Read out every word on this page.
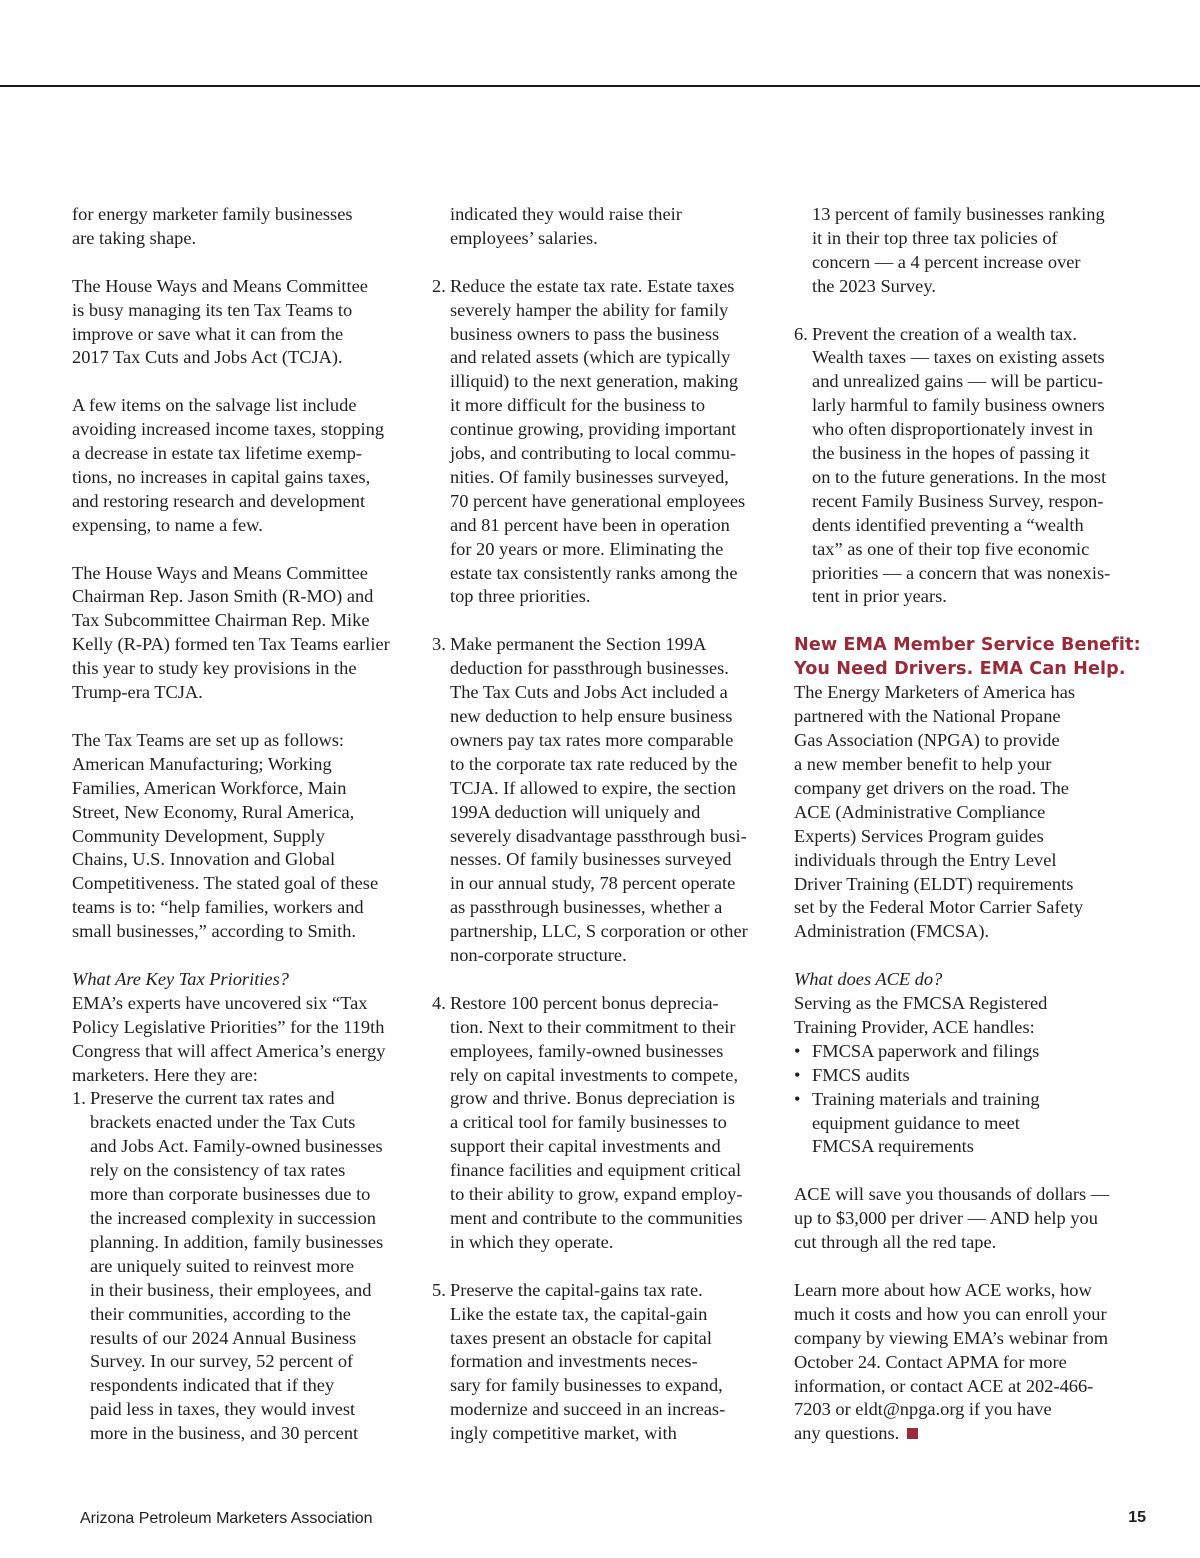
for energy marketer family businesses

are taking shape.

The House Ways and Means Committee

is busy managing its ten Tax Teams to

improve or save what it can from the

2017 Tax Cuts and Jobs Act (TCJA).

A few items on the salvage list include

avoiding increased income taxes, stopping

a decrease in estate tax lifetime exemp-

tions, no increases in capital gains taxes,

and restoring research and development

expensing, to name a few.

The House Ways and Means Committee

Chairman Rep. Jason Smith (R-MO) and

Tax Subcommittee Chairman Rep. Mike

Kelly (R-PA) formed ten Tax Teams earlier

this year to study key provisions in the

Trump-era TCJA.

The Tax Teams are set up as follows:

American Manufacturing; Working

Families, American Workforce, Main

Street, New Economy, Rural America,

Community Development, Supply

Chains, U.S. Innovation and Global

Competitiveness. The stated goal of these

teams is to: “help families, workers and

small businesses,” according to Smith.

What Are Key Tax Priorities?

EMA’s experts have uncovered six “Tax

Policy Legislative Priorities” for the 119th

Congress that will affect America’s energy

marketers. Here they are:

1. Preserve the current tax rates and

brackets enacted under the Tax Cuts

and Jobs Act. Family-owned businesses

rely on the consistency of tax rates

more than corporate businesses due to

the increased complexity in succession

planning. In addition, family businesses

are uniquely suited to reinvest more

in their business, their employees, and

their communities, according to the

results of our 2024 Annual Business

Survey. In our survey, 52 percent of

respondents indicated that if they

paid less in taxes, they would invest

more in the business, and 30 percent

indicated they would raise their

employees’ salaries.

2. Reduce the estate tax rate. Estate taxes

severely hamper the ability for family

business owners to pass the business

and related assets (which are typically

illiquid) to the next generation, making

it more difficult for the business to

continue growing, providing important

jobs, and contributing to local commu-

nities. Of family businesses surveyed,

70 percent have generational employees

and 81 percent have been in operation

for 20 years or more. Eliminating the

estate tax consistently ranks among the

top three priorities.

3. Make permanent the Section 199A

deduction for passthrough businesses.

The Tax Cuts and Jobs Act included a

new deduction to help ensure business

owners pay tax rates more comparable

to the corporate tax rate reduced by the

TCJA. If allowed to expire, the section

199A deduction will uniquely and

severely disadvantage passthrough busi-

nesses. Of family businesses surveyed

in our annual study, 78 percent operate

as passthrough businesses, whether a

partnership, LLC, S corporation or other

non-corporate structure.

4. Restore 100 percent bonus deprecia-

tion. Next to their commitment to their

employees, family-owned businesses

rely on capital investments to compete,

grow and thrive. Bonus depreciation is

a critical tool for family businesses to

support their capital investments and

finance facilities and equipment critical

to their ability to grow, expand employ-

ment and contribute to the communities

in which they operate.

5. Preserve the capital-gains tax rate.

Like the estate tax, the capital-gain

taxes present an obstacle for capital

formation and investments neces-

sary for family businesses to expand,

modernize and succeed in an increas-

ingly competitive market, with

13 percent of family businesses ranking

it in their top three tax policies of

concern — a 4 percent increase over

the 2023 Survey.

6. Prevent the creation of a wealth tax.

Wealth taxes — taxes on existing assets

and unrealized gains — will be particu-

larly harmful to family business owners

who often disproportionately invest in

the business in the hopes of passing it

on to the future generations. In the most

recent Family Business Survey, respon-

dents identified preventing a “wealth

tax” as one of their top five economic

priorities — a concern that was nonexis-

tent in prior years.

New EMA Member Service Benefit:

You Need Drivers. EMA Can Help.

The Energy Marketers of America has

partnered with the National Propane

Gas Association (NPGA) to provide

a new member benefit to help your

company get drivers on the road. The

ACE (Administrative Compliance

Experts) Services Program guides

individuals through the Entry Level

Driver Training (ELDT) requirements

set by the Federal Motor Carrier Safety

Administration (FMCSA).

What does ACE do?

Serving as the FMCSA Registered

Training Provider, ACE handles:

• FMCSA paperwork and filings

• FMCS audits

• Training materials and training

equipment guidance to meet

FMCSA requirements

ACE will save you thousands of dollars —

up to $3,000 per driver — AND help you

cut through all the red tape.

Learn more about how ACE works, how

much it costs and how you can enroll your

company by viewing EMA’s webinar from

October 24. Contact APMA for more

information, or contact ACE at 202-466-

7203 or eldt@npga.org if you have

any questions.

Arizona Petroleum Marketers Association	15
